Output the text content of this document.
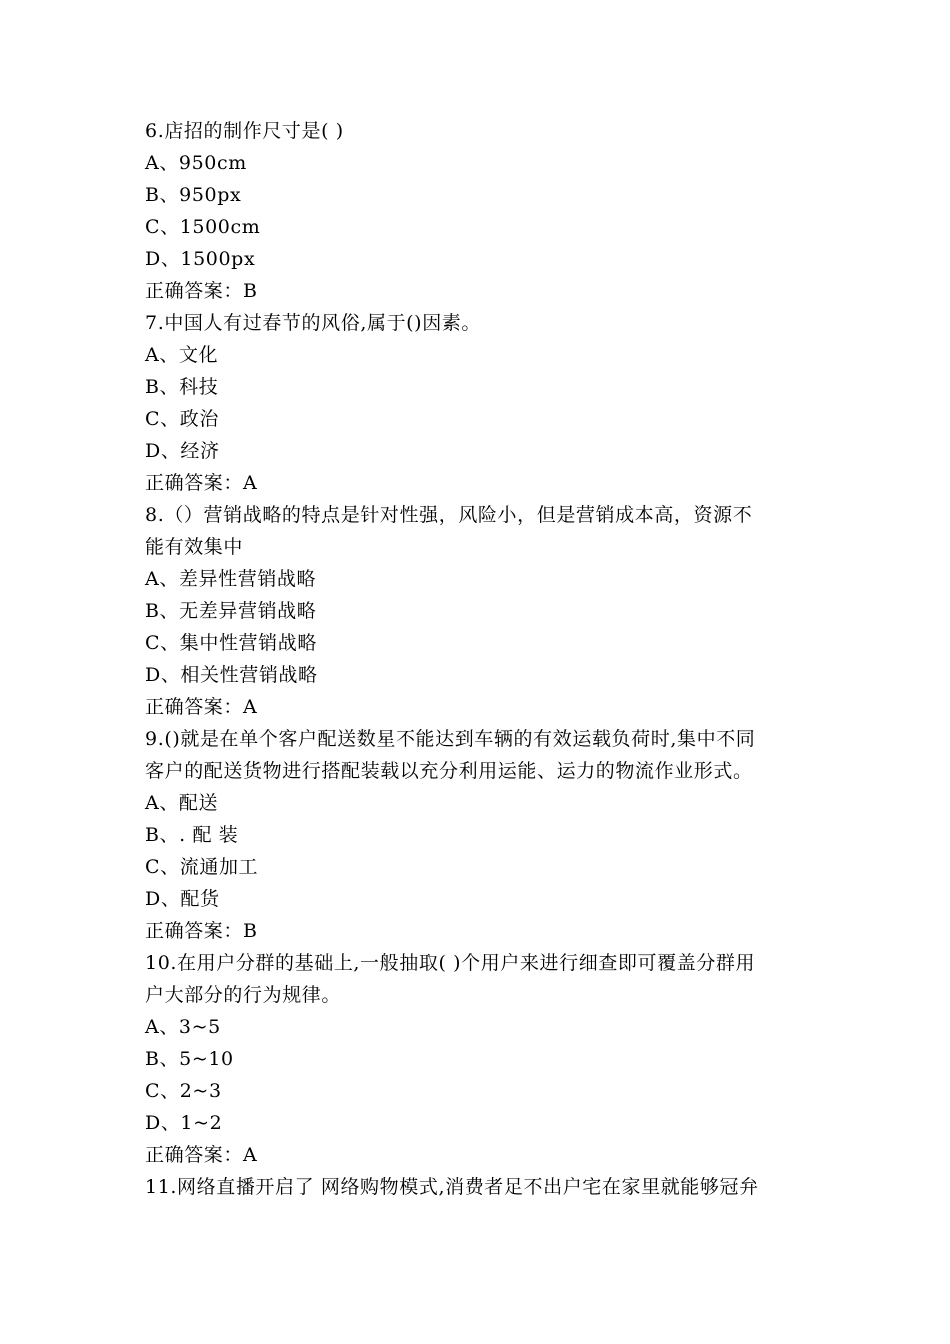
6.店招的制作尺寸是( )
A、950cm
B、950px
C、1500cm
D、1500px
正确答案：B
7.中国人有过春节的风俗,属于()因素。
A、文化
B、科技
C、政治
D、经济
正确答案：A
8.（）营销战略的特点是针对性强，风险小，但是营销成本高，资源不
能有效集中
A、差异性营销战略
B、无差异营销战略
C、集中性营销战略
D、相关性营销战略
正确答案：A
9.()就是在单个客户配送数星不能达到车辆的有效运载负荷时,集中不同
客户的配送货物进行搭配装载以充分利用运能、运力的物流作业形式。
A、配送
B、. 配 装
C、流通加工
D、配货
正确答案：B
10.在用户分群的基础上,一般抽取( )个用户来进行细查即可覆盖分群用
户大部分的行为规律。
A、3~5
B、5~10
C、2~3
D、1~2
正确答案：A
11.网络直播开启了 网络购物模式,消费者足不出户宅在家里就能够冠弁
